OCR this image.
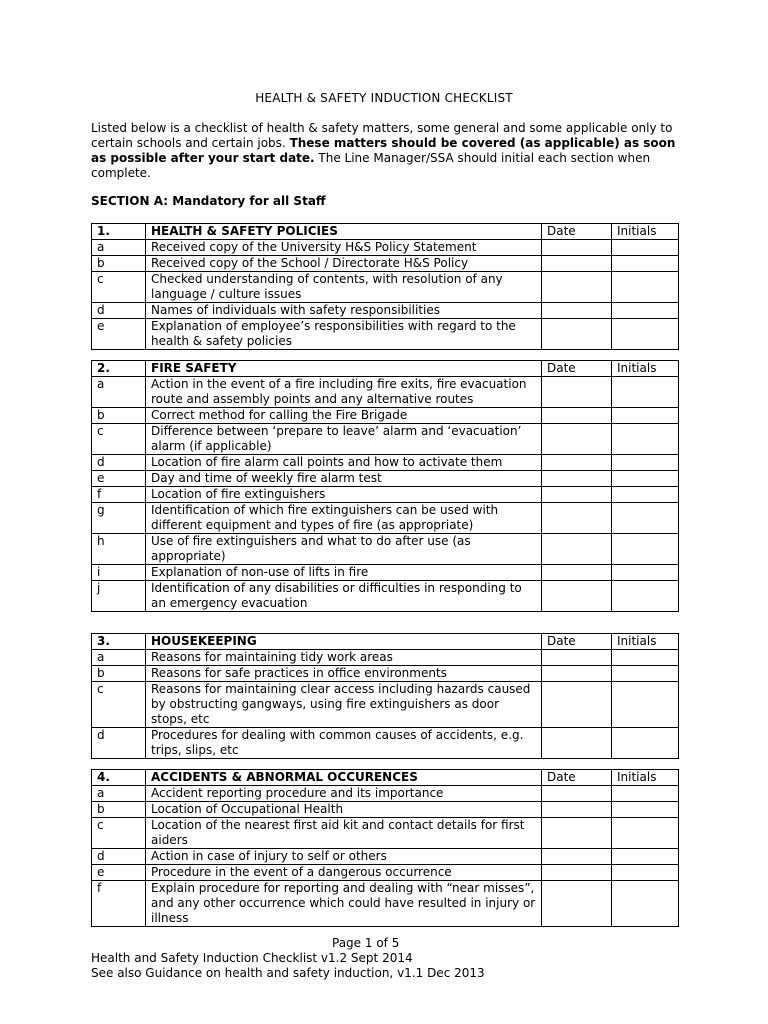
HEALTH & SAFETY INDUCTION CHECKLIST
Listed below is a checklist of health & safety matters, some general and some applicable only to certain schools and certain jobs. These matters should be covered (as applicable) as soon as possible after your start date. The Line Manager/SSA should initial each section when complete.
SECTION A: Mandatory for all Staff
1.	HEALTH & SAFETY POLICIES	Date	Initials
a	Received copy of the University H&S Policy Statement		
b	Received copy of the School / Directorate H&S Policy		
c	Checked understanding of contents, with resolution of any language / culture issues		
d	Names of individuals with safety responsibilities		
e	Explanation of employee’s responsibilities with regard to the health & safety policies		
2.	FIRE SAFETY	Date	Initials
a	Action in the event of a fire including fire exits, fire evacuation route and assembly points and any alternative routes		
b	Correct method for calling the Fire Brigade		
c	Difference between ‘prepare to leave’ alarm and ‘evacuation’ alarm (if applicable)		
d	Location of fire alarm call points and how to activate them		
e	Day and time of weekly fire alarm test		
f	Location of fire extinguishers		
g	Identification of which fire extinguishers can be used with different equipment and types of fire (as appropriate)		
h	Use of fire extinguishers and what to do after use (as appropriate)		
i	Explanation of non-use of lifts in fire		
j	Identification of any disabilities or difficulties in responding to an emergency evacuation		
3.	HOUSEKEEPING	Date	Initials
a	Reasons for maintaining tidy work areas		
b	Reasons for safe practices in office environments		
c	Reasons for maintaining clear access including hazards caused by obstructing gangways, using fire extinguishers as door stops, etc		
d	Procedures for dealing with common causes of accidents, e.g. trips, slips, etc		
4.	ACCIDENTS & ABNORMAL OCCURENCES	Date	Initials
a	Accident reporting procedure and its importance		
b	Location of Occupational Health		
c	Location of the nearest first aid kit and contact details for first aiders		
d	Action in case of injury to self or others		
e	Procedure in the event of a dangerous occurrence		
f	Explain procedure for reporting and dealing with “near misses”, and any other occurrence which could have resulted in injury or illness		
Page 1 of 5
Health and Safety Induction Checklist v1.2 Sept 2014
See also Guidance on health and safety induction, v1.1 Dec 2013
